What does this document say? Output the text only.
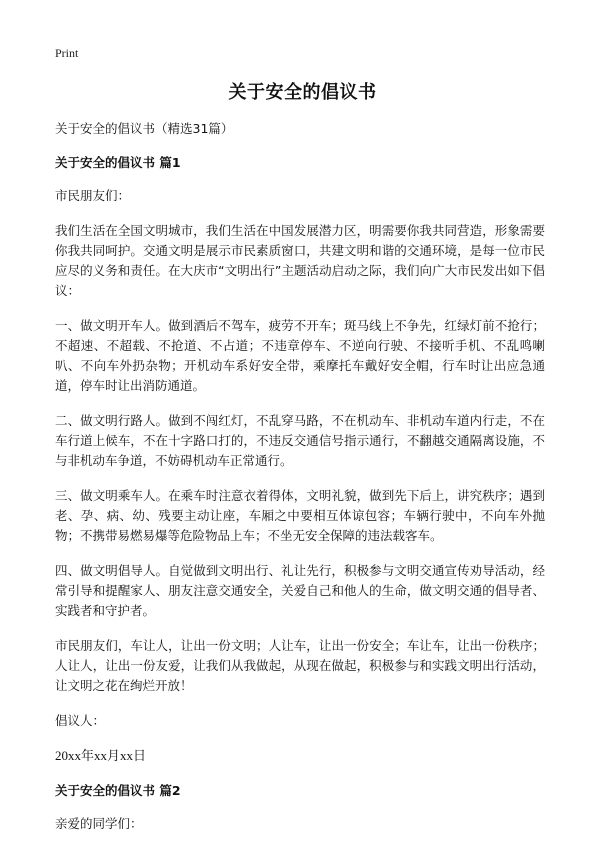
Print
关于安全的倡议书

关于安全的倡议书（精选31篇）

关于安全的倡议书 篇1

市民朋友们：

我们生活在全国文明城市，我们生活在中国发展潜力区，明需要你我共同营造，形象需要你我共同呵护。交通文明是展示市民素质窗口，共建文明和谐的交通环境，是每一位市民应尽的义务和责任。在大庆市“文明出行”主题活动启动之际，我们向广大市民发出如下倡议：

一、做文明开车人。做到酒后不驾车，疲劳不开车；斑马线上不争先，红绿灯前不抢行；不超速、不超载、不抢道、不占道；不违章停车、不逆向行驶、不接听手机、不乱鸣喇叭、不向车外扔杂物；开机动车系好安全带，乘摩托车戴好安全帽，行车时让出应急通道，停车时让出消防通道。

二、做文明行路人。做到不闯红灯，不乱穿马路，不在机动车、非机动车道内行走，不在车行道上候车，不在十字路口打的，不违反交通信号指示通行，不翻越交通隔离设施，不与非机动车争道，不妨碍机动车正常通行。

三、做文明乘车人。在乘车时注意衣着得体，文明礼貌，做到先下后上，讲究秩序；遇到老、孕、病、幼、残要主动让座，车厢之中要相互体谅包容；车辆行驶中，不向车外抛物；不携带易燃易爆等危险物品上车；不坐无安全保障的违法载客车。

四、做文明倡导人。自觉做到文明出行、礼让先行，积极参与文明交通宣传劝导活动，经常引导和提醒家人、朋友注意交通安全，关爱自己和他人的生命，做文明交通的倡导者、实践者和守护者。

市民朋友们，车让人，让出一份文明；人让车，让出一份安全；车让车，让出一份秩序；人让人，让出一份友爱，让我们从我做起，从现在做起，积极参与和实践文明出行活动，让文明之花在绚烂开放！

倡议人：

20xx年xx月xx日

关于安全的倡议书 篇2

亲爱的同学们：
